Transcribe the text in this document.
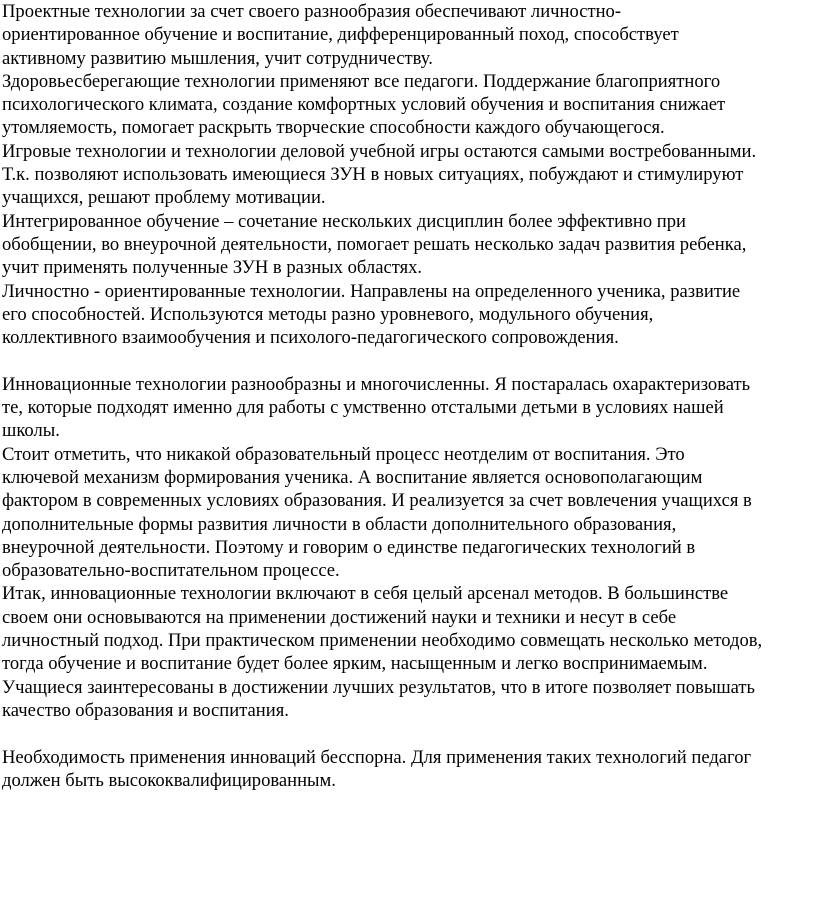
Проектные технологии за счет своего разнообразия обеспечивают личностно-
ориентированное обучение и воспитание, дифференцированный поход, способствует
активному развитию мышления, учит сотрудничеству.
Здоровьесберегающие технологии применяют все педагоги. Поддержание благоприятного
психологического климата, создание комфортных условий обучения и воспитания снижает
утомляемость, помогает раскрыть творческие способности каждого обучающегося.
Игровые технологии и технологии деловой учебной игры остаются самыми востребованными.
Т.к. позволяют использовать имеющиеся ЗУН в новых ситуациях, побуждают и стимулируют
учащихся, решают проблему мотивации.
Интегрированное обучение – сочетание нескольких дисциплин более эффективно при
обобщении, во внеурочной деятельности, помогает решать несколько задач развития ребенка,
учит применять полученные ЗУН в разных областях.
Личностно - ориентированные технологии. Направлены на определенного ученика, развитие
его способностей. Используются методы разно уровневого, модульного обучения,
коллективного взаимообучения и психолого-педагогического сопровождения.
Инновационные технологии разнообразны и многочисленны. Я постаралась охарактеризовать
те, которые подходят именно для работы с умственно отсталыми детьми в условиях нашей
школы.
Стоит отметить, что никакой образовательный процесс неотделим от воспитания. Это
ключевой механизм формирования ученика. А воспитание является основополагающим
фактором в современных условиях образования. И реализуется за счет вовлечения учащихся в
дополнительные формы развития личности в области дополнительного образования,
внеурочной деятельности. Поэтому и говорим о единстве педагогических технологий в
образовательно-воспитательном процессе.
Итак, инновационные технологии включают в себя целый арсенал методов. В большинстве
своем они основываются на применении достижений науки и техники и несут в себе
личностный подход. При практическом применении необходимо совмещать несколько методов,
тогда обучение и воспитание будет более ярким, насыщенным и легко воспринимаемым.
Учащиеся заинтересованы в достижении лучших результатов, что в итоге позволяет повышать
качество образования и воспитания.
Необходимость применения инноваций бесспорна. Для применения таких технологий педагог
должен быть высококвалифицированным.
